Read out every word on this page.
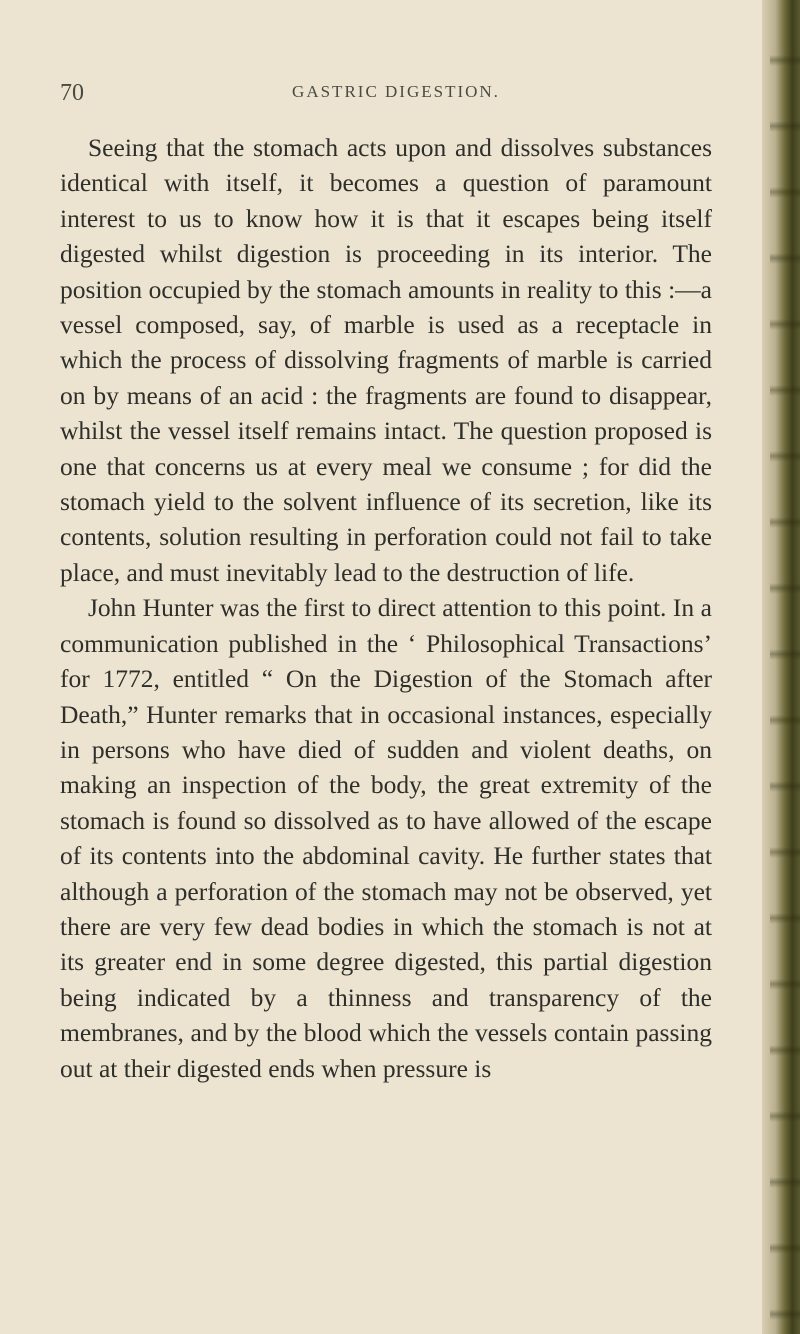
70	GASTRIC DIGESTION.

Seeing that the stomach acts upon and dissolves substances identical with itself, it becomes a question of paramount interest to us to know how it is that it escapes being itself digested whilst digestion is proceeding in its interior. The position occupied by the stomach amounts in reality to this :—a vessel composed, say, of marble is used as a receptacle in which the process of dissolving fragments of marble is carried on by means of an acid : the fragments are found to disappear, whilst the vessel itself remains intact. The question proposed is one that concerns us at every meal we consume ; for did the stomach yield to the solvent influence of its secretion, like its contents, solution resulting in perforation could not fail to take place, and must inevitably lead to the destruction of life.

John Hunter was the first to direct attention to this point. In a communication published in the ‘ Philosophical Transactions’ for 1772, entitled “ On the Digestion of the Stomach after Death,” Hunter remarks that in occasional instances, especially in persons who have died of sudden and violent deaths, on making an inspection of the body, the great extremity of the stomach is found so dissolved as to have allowed of the escape of its contents into the abdominal cavity. He further states that although a perforation of the stomach may not be observed, yet there are very few dead bodies in which the stomach is not at its greater end in some degree digested, this partial digestion being indicated by a thinness and transparency of the membranes, and by the blood which the vessels contain passing out at their digested ends when pressure is
